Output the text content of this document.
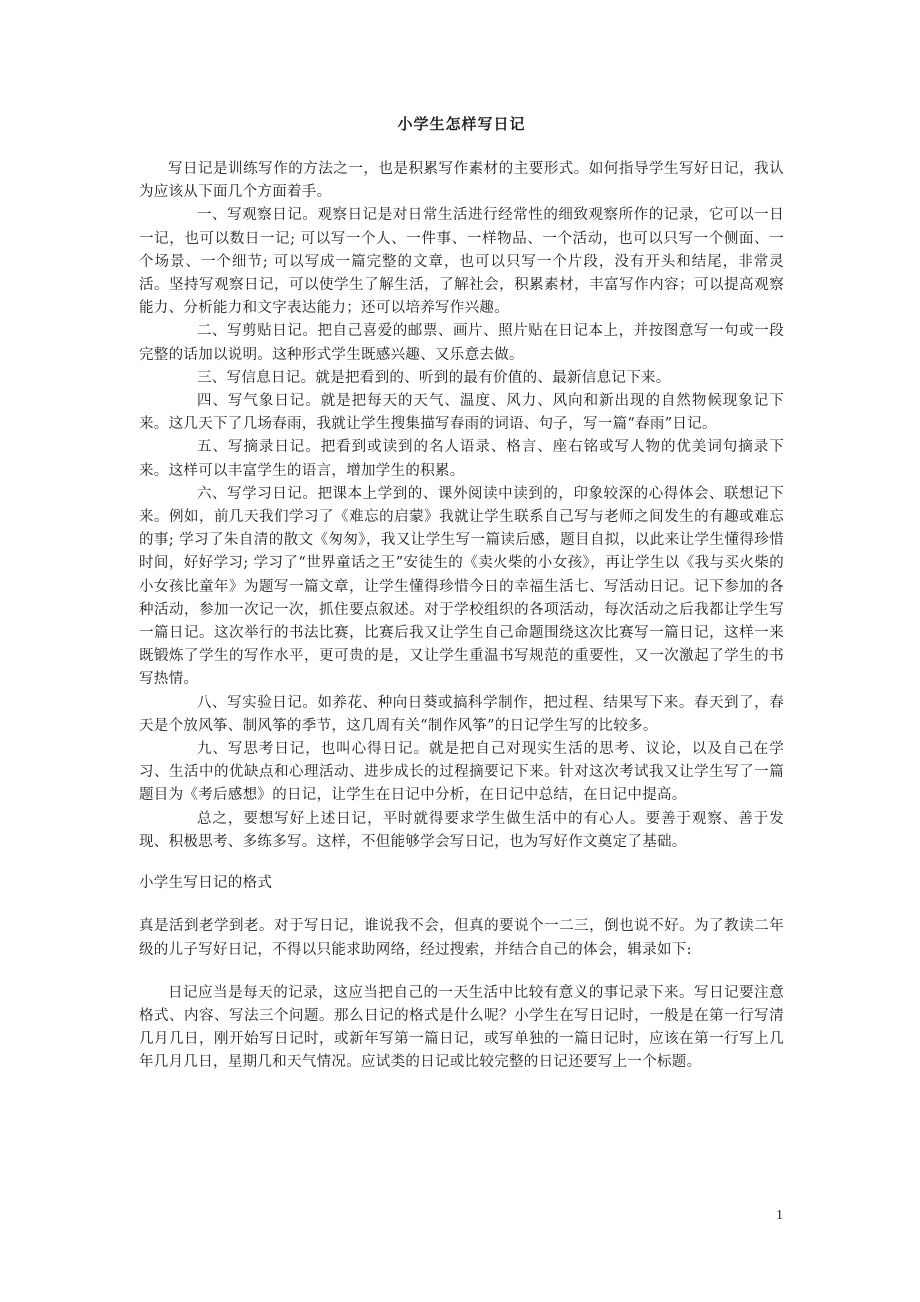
小学生怎样写日记

写日记是训练写作的方法之一，也是积累写作素材的主要形式。如何指导学生写好日记，我认为应该从下面几个方面着手。

一、写观察日记。观察日记是对日常生活进行经常性的细致观察所作的记录，它可以一日一记，也可以数日一记; 可以写一个人、一件事、一样物品、一个活动，也可以只写一个侧面、一个场景、一个细节; 可以写成一篇完整的文章，也可以只写一个片段，没有开头和结尾，非常灵活。坚持写观察日记，可以使学生了解生活，了解社会，积累素材，丰富写作内容；可以提高观察能力、分析能力和文字表达能力；还可以培养写作兴趣。

二、写剪贴日记。把自己喜爱的邮票、画片、照片贴在日记本上，并按图意写一句或一段完整的话加以说明。这种形式学生既感兴趣、又乐意去做。

三、写信息日记。就是把看到的、听到的最有价值的、最新信息记下来。

四、写气象日记。就是把每天的天气、温度、风力、风向和新出现的自然物候现象记下来。这几天下了几场春雨，我就让学生搜集描写春雨的词语、句子，写一篇“春雨”日记。

五、写摘录日记。把看到或读到的名人语录、格言、座右铭或写人物的优美词句摘录下来。这样可以丰富学生的语言，增加学生的积累。

六、写学习日记。把课本上学到的、课外阅读中读到的，印象较深的心得体会、联想记下来。例如，前几天我们学习了《难忘的启蒙》我就让学生联系自己写与老师之间发生的有趣或难忘的事; 学习了朱自清的散文《匆匆》，我又让学生写一篇读后感，题目自拟，以此来让学生懂得珍惜时间，好好学习; 学习了“世界童话之王”安徒生的《卖火柴的小女孩》，再让学生以《我与买火柴的小女孩比童年》为题写一篇文章，让学生懂得珍惜今日的幸福生活七、写活动日记。记下参加的各种活动，参加一次记一次，抓住要点叙述。对于学校组织的各项活动，每次活动之后我都让学生写一篇日记。这次举行的书法比赛，比赛后我又让学生自己命题围绕这次比赛写一篇日记，这样一来既锻炼了学生的写作水平，更可贵的是，又让学生重温书写规范的重要性，又一次激起了学生的书写热情。

八、写实验日记。如养花、种向日葵或搞科学制作，把过程、结果写下来。春天到了，春天是个放风筝、制风筝的季节，这几周有关“制作风筝”的日记学生写的比较多。

九、写思考日记，也叫心得日记。就是把自己对现实生活的思考、议论，以及自己在学习、生活中的优缺点和心理活动、进步成长的过程摘要记下来。针对这次考试我又让学生写了一篇题目为《考后感想》的日记，让学生在日记中分析，在日记中总结，在日记中提高。

总之，要想写好上述日记，平时就得要求学生做生活中的有心人。要善于观察、善于发现、积极思考、多练多写。这样，不但能够学会写日记，也为写好作文奠定了基础。

小学生写日记的格式

真是活到老学到老。对于写日记，谁说我不会，但真的要说个一二三，倒也说不好。为了教读二年级的儿子写好日记，不得以只能求助网络，经过搜索，并结合自己的体会，辑录如下:

日记应当是每天的记录，这应当把自己的一天生活中比较有意义的事记录下来。写日记要注意格式、内容、写法三个问题。那么日记的格式是什么呢？小学生在写日记时，一般是在第一行写清几月几日，刚开始写日记时，或新年写第一篇日记，或写单独的一篇日记时，应该在第一行写上几年几月几日，星期几和天气情况。应试类的日记或比较完整的日记还要写上一个标题。

1
